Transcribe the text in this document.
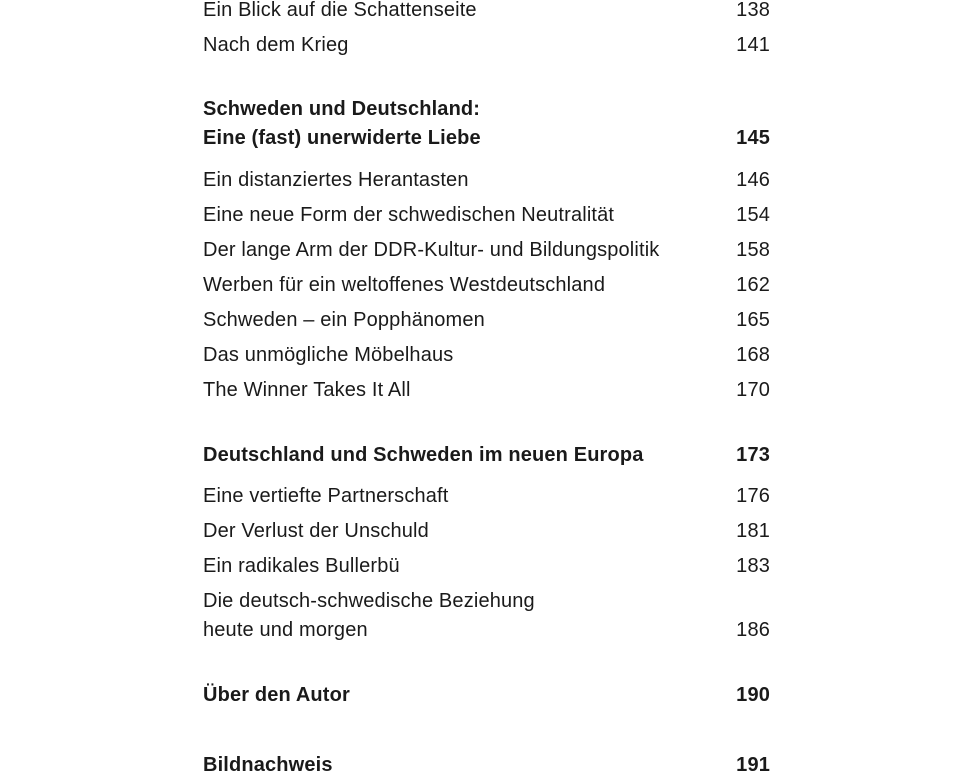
Ein Blick auf die Schattenseite	138
Nach dem Krieg	141
Schweden und Deutschland:
Eine (fast) unerwiderte Liebe	145
Ein distanziertes Herantasten	146
Eine neue Form der schwedischen Neutralität	154
Der lange Arm der DDR-Kultur- und Bildungspolitik	158
Werben für ein weltoffenes Westdeutschland	162
Schweden – ein Popphänomen	165
Das unmögliche Möbelhaus	168
The Winner Takes It All	170
Deutschland und Schweden im neuen Europa	173
Eine vertiefte Partnerschaft	176
Der Verlust der Unschuld	181
Ein radikales Bullerbü	183
Die deutsch-schwedische Beziehung
heute und morgen	186
Über den Autor	190
Bildnachweis	191
